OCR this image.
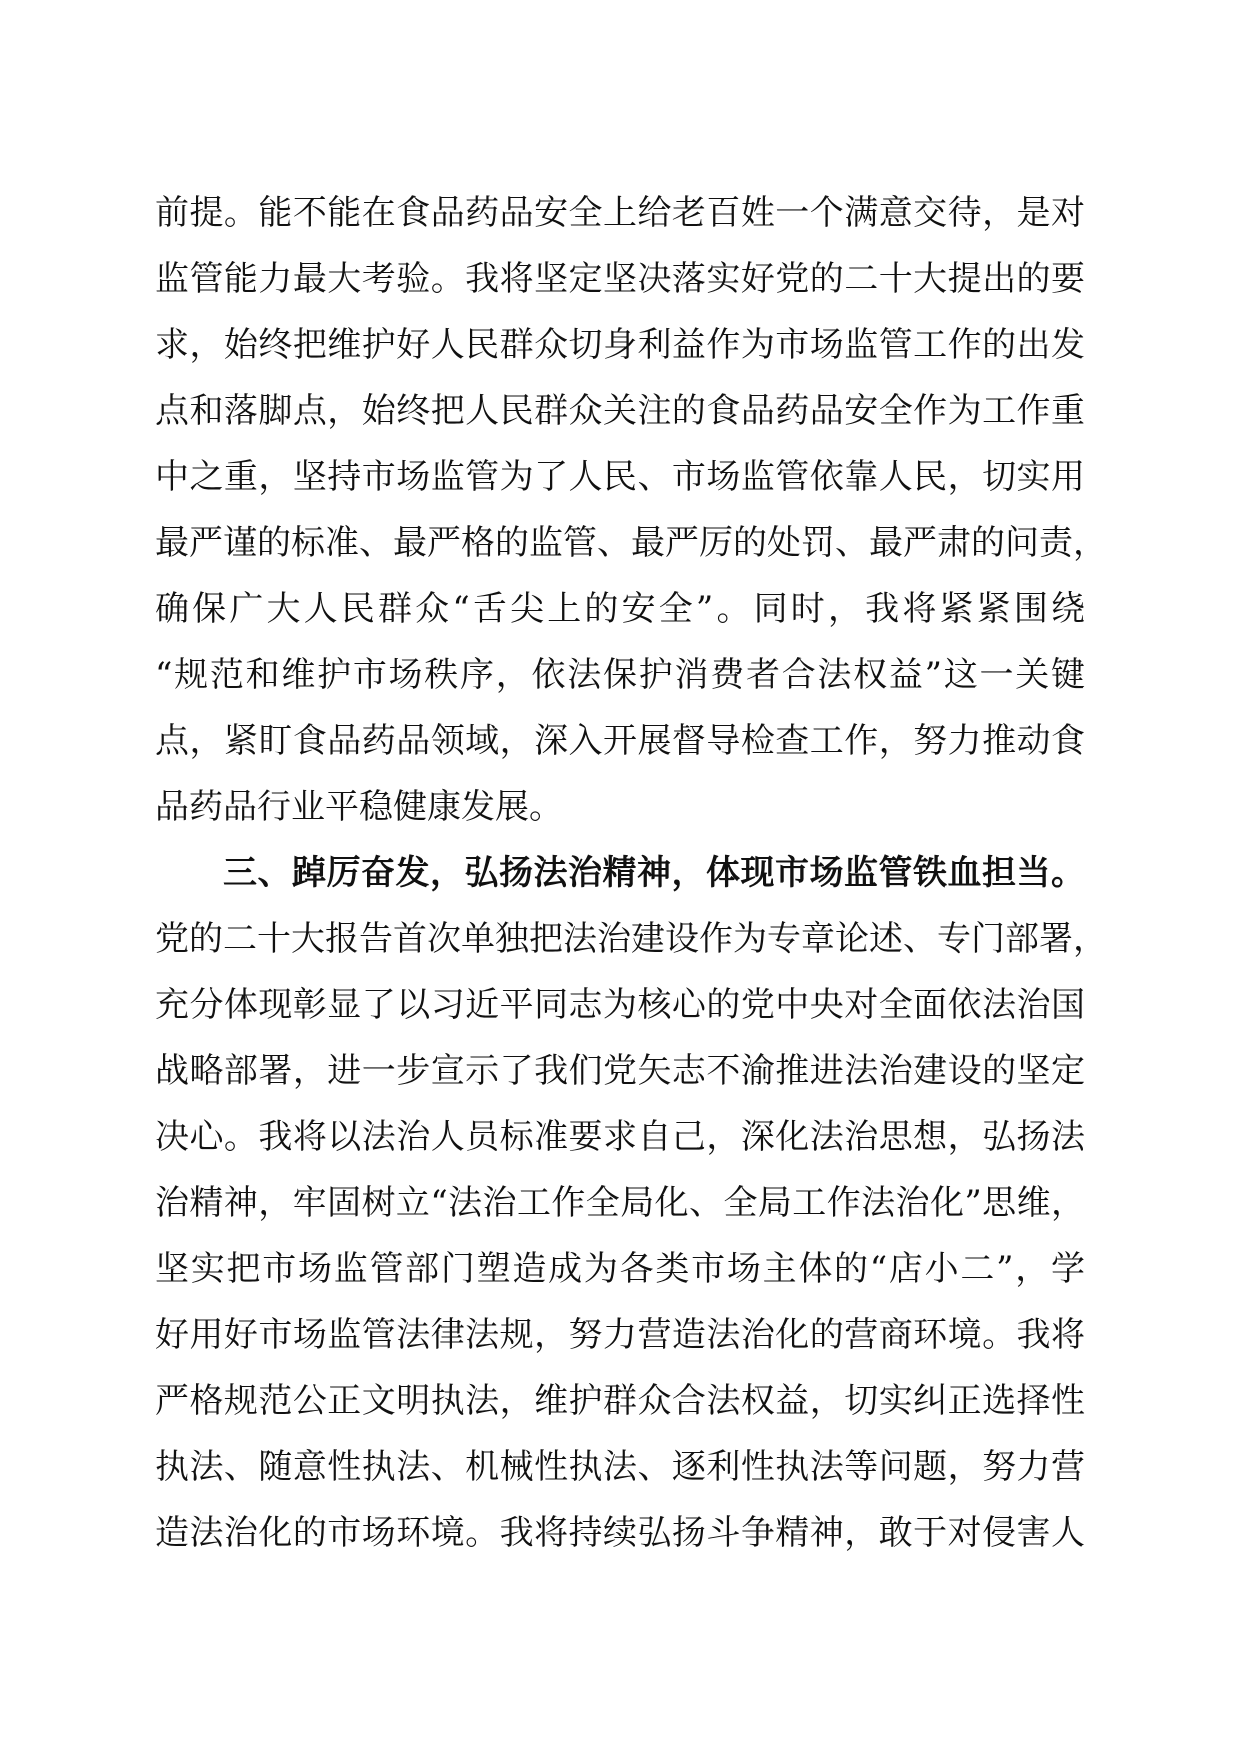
前提。能不能在食品药品安全上给老百姓一个满意交待，是对
监管能力最大考验。我将坚定坚决落实好党的二十大提出的要
求，始终把维护好人民群众切身利益作为市场监管工作的出发
点和落脚点，始终把人民群众关注的食品药品安全作为工作重
中之重，坚持市场监管为了人民、市场监管依靠人民，切实用
最严谨的标准、最严格的监管、最严厉的处罚、最严肃的问责，
确保广大人民群众“舌尖上的安全”。同时，我将紧紧围绕
“规范和维护市场秩序，依法保护消费者合法权益”这一关键
点，紧盯食品药品领域，深入开展督导检查工作，努力推动食
品药品行业平稳健康发展。
三、踔厉奋发，弘扬法治精神，体现市场监管铁血担当。
党的二十大报告首次单独把法治建设作为专章论述、专门部署，
充分体现彰显了以习近平同志为核心的党中央对全面依法治国
战略部署，进一步宣示了我们党矢志不渝推进法治建设的坚定
决心。我将以法治人员标准要求自己，深化法治思想，弘扬法
治精神，牢固树立“法治工作全局化、全局工作法治化”思维，
坚实把市场监管部门塑造成为各类市场主体的“店小二”，学
好用好市场监管法律法规，努力营造法治化的营商环境。我将
严格规范公正文明执法，维护群众合法权益，切实纠正选择性
执法、随意性执法、机械性执法、逐利性执法等问题，努力营
造法治化的市场环境。我将持续弘扬斗争精神，敢于对侵害人
